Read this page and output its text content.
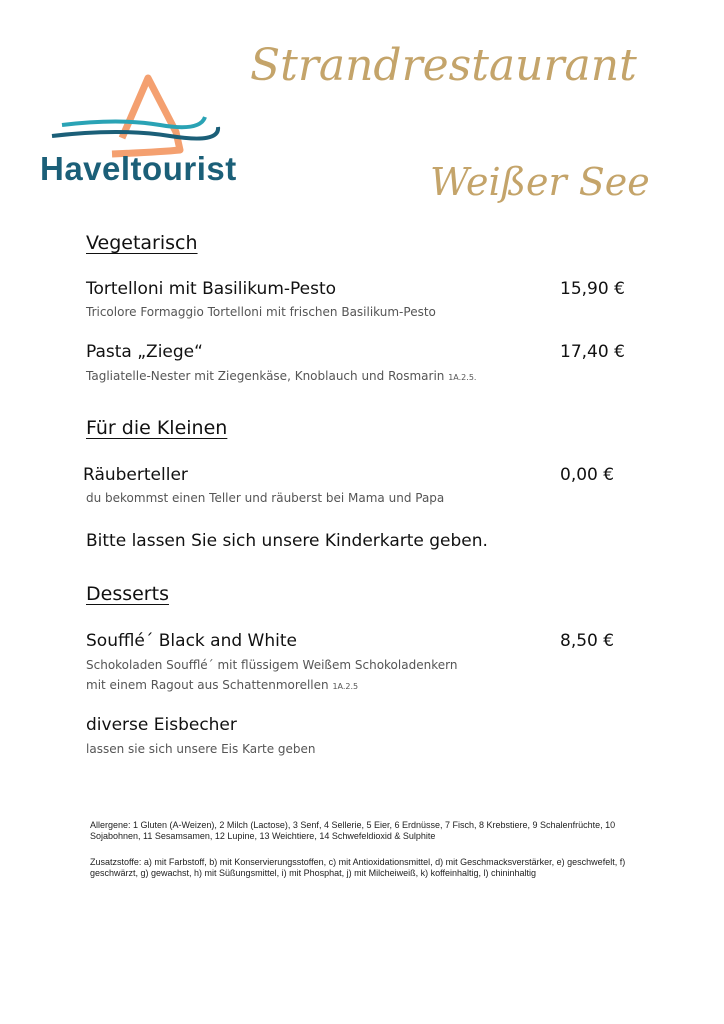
Haveltourist
Strandrestaurant
Weißer See
Vegetarisch
Tortelloni mit Basilikum-Pesto	15,90 €
Tricolore Formaggio Tortelloni mit frischen Basilikum-Pesto
Pasta „Ziege“	17,40 €
Tagliatelle-Nester mit Ziegenkäse, Knoblauch und Rosmarin 1A.2.5.
Für die Kleinen
Räuberteller	0,00 €
du bekommst einen Teller und räuberst bei Mama und Papa
Bitte lassen Sie sich unsere Kinderkarte geben.
Desserts
Soufflé´ Black and White	8,50 €
Schokoladen Soufflé´ mit flüssigem Weißem Schokoladenkern
mit einem Ragout aus Schattenmorellen 1A.2.5
diverse Eisbecher
lassen sie sich unsere Eis Karte geben
Allergene: 1 Gluten (A-Weizen), 2 Milch (Lactose), 3 Senf, 4 Sellerie, 5 Eier, 6 Erdnüsse, 7 Fisch, 8 Krebstiere, 9 Schalenfrüchte, 10 Sojabohnen, 11 Sesamsamen, 12 Lupine, 13 Weichtiere, 14 Schwefeldioxid & Sulphite
Zusatzstoffe: a) mit Farbstoff, b) mit Konservierungsstoffen, c) mit Antioxidationsmittel, d) mit Geschmacksverstärker, e) geschwefelt, f) geschwärzt, g) gewachst, h) mit Süßungsmittel, i) mit Phosphat, j) mit Milcheiweiß, k) koffeinhaltig, l) chininhaltig
